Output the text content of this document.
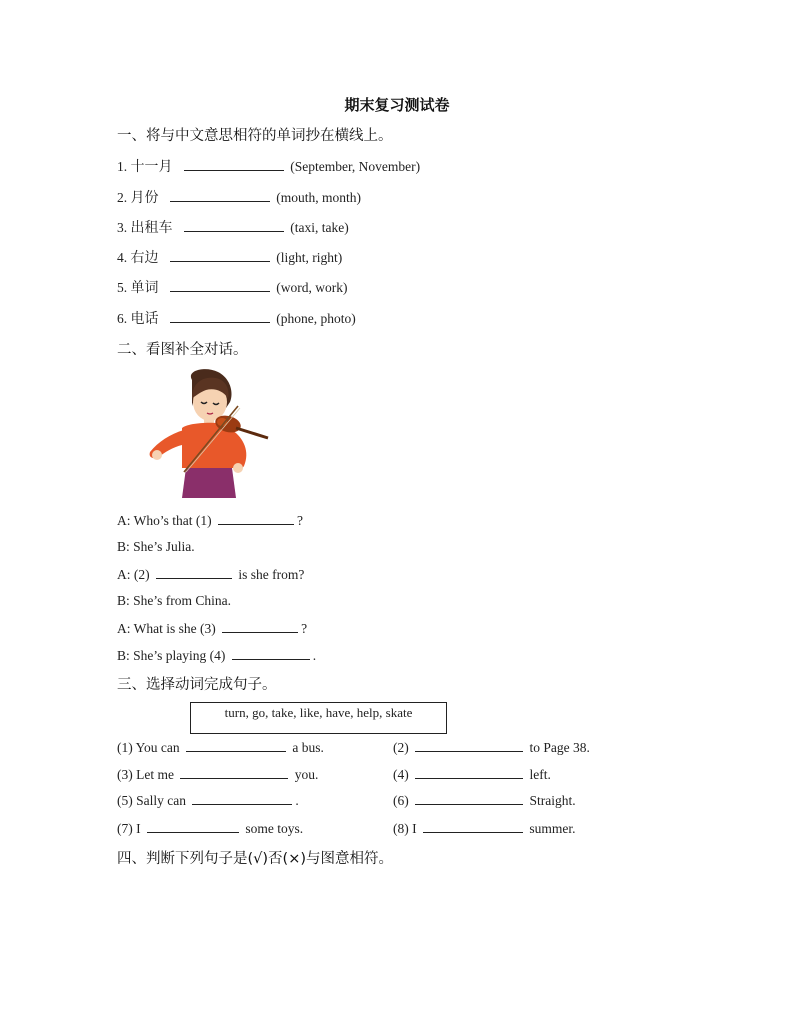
期末复习测试卷
一、将与中文意思相符的单词抄在横线上。
1. 十一月	(September, November)
2. 月份	(mouth, month)
3. 出租车	(taxi, take)
4. 右边	(light, right)
5. 单词	(word, work)
6. 电话	(phone, photo)
二、看图补全对话。
A: Who’s that (1)	?
B: She’s Julia.
A: (2)	is she from?
B: She’s from China.
A: What is she (3)	?
B: She’s playing (4)	.
三、选择动词完成句子。
turn, go, take, like, have, help, skate
(1) You can	a bus.
(3) Let me	you.
(5) Sally can	.
(7) I	some toys.
(2)	to Page 38.
(4)	left.
(6)	Straight.
(8) I	summer.
四、判断下列句子是(√)否(×)与图意相符。
